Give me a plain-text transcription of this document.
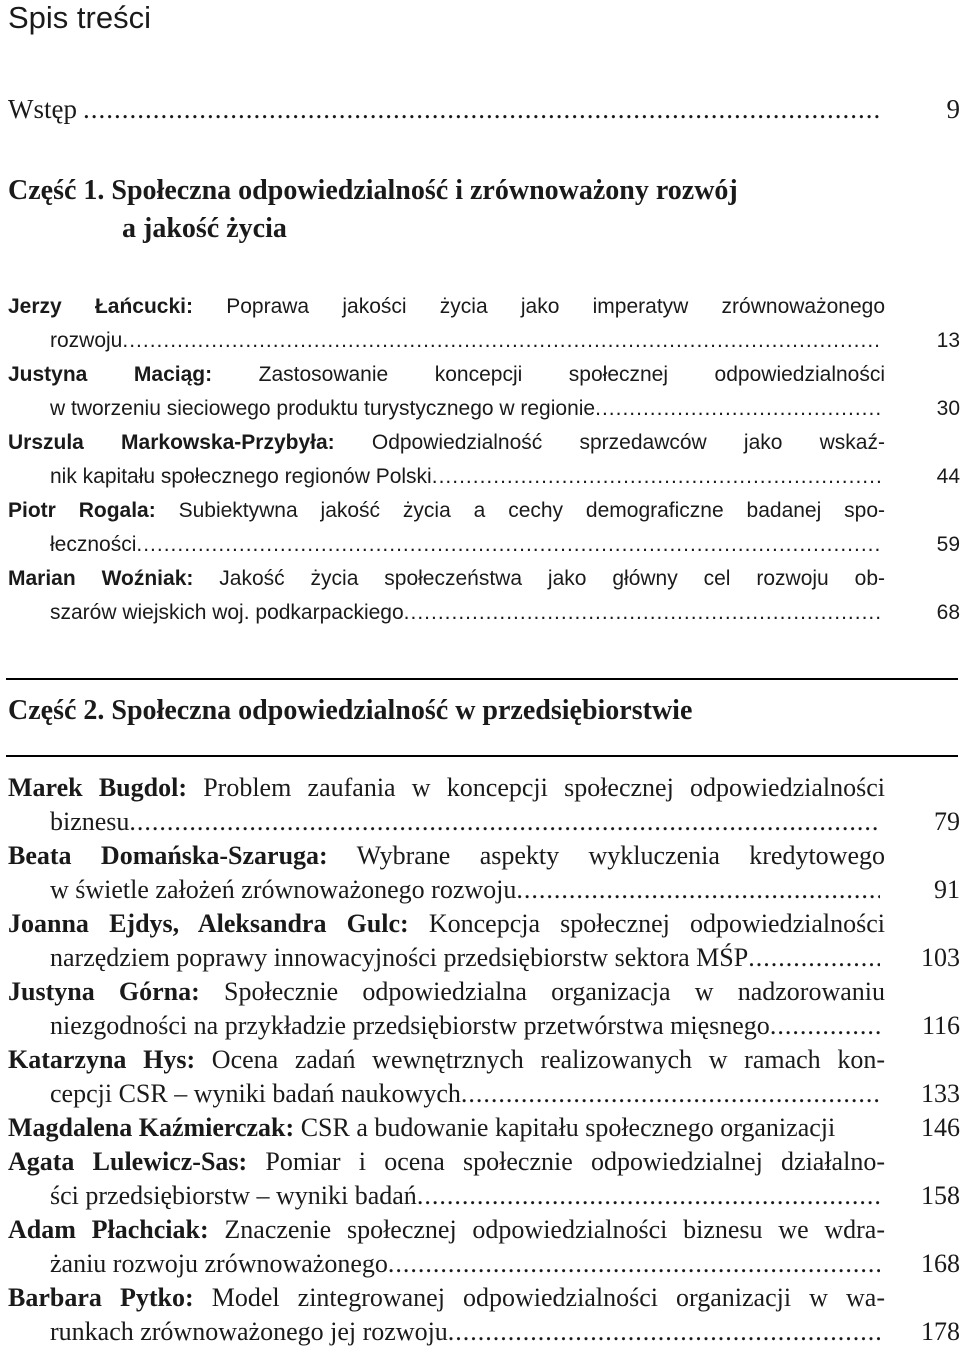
Spis treści
Wstęp .....	9
Część 1. Społeczna odpowiedzialność i zrównoważony rozwój
a jakość życia
Jerzy Łańcucki: Poprawa jakości życia jako imperatyw zrównoważonego
rozwoju .....	13
Justyna Maciąg: Zastosowanie koncepcji społecznej odpowiedzialności
w tworzeniu sieciowego produktu turystycznego w regionie .....	30
Urszula Markowska-Przybyła: Odpowiedzialność sprzedawców jako wskaź-
nik kapitału społecznego regionów Polski .....	44
Piotr Rogala: Subiektywna jakość życia a cechy demograficzne badanej spo-
łeczności .....	59
Marian Woźniak: Jakość życia społeczeństwa jako główny cel rozwoju ob-
szarów wiejskich woj. podkarpackiego .....	68
Część 2. Społeczna odpowiedzialność w przedsiębiorstwie
Marek Bugdol: Problem zaufania w koncepcji społecznej odpowiedzialności
biznesu .....	79
Beata Domańska-Szaruga: Wybrane aspekty wykluczenia kredytowego
w świetle założeń zrównoważonego rozwoju .....	91
Joanna Ejdys, Aleksandra Gulc: Koncepcja społecznej odpowiedzialności
narzędziem poprawy innowacyjności przedsiębiorstw sektora MŚP .....	103
Justyna Górna: Społecznie odpowiedzialna organizacja w nadzorowaniu
niezgodności na przykładzie przedsiębiorstw przetwórstwa mięsnego .....	116
Katarzyna Hys: Ocena zadań wewnętrznych realizowanych w ramach kon-
cepcji CSR – wyniki badań naukowych .....	133
Magdalena Kaźmierczak: CSR a budowanie kapitału społecznego organizacji	146
Agata Lulewicz-Sas: Pomiar i ocena społecznie odpowiedzialnej działalno-
ści przedsiębiorstw – wyniki badań .....	158
Adam Płachciak: Znaczenie społecznej odpowiedzialności biznesu we wdra-
żaniu rozwoju zrównoważonego .....	168
Barbara Pytko: Model zintegrowanej odpowiedzialności organizacji w wa-
runkach zrównoważonego jej rozwoju .....	178
